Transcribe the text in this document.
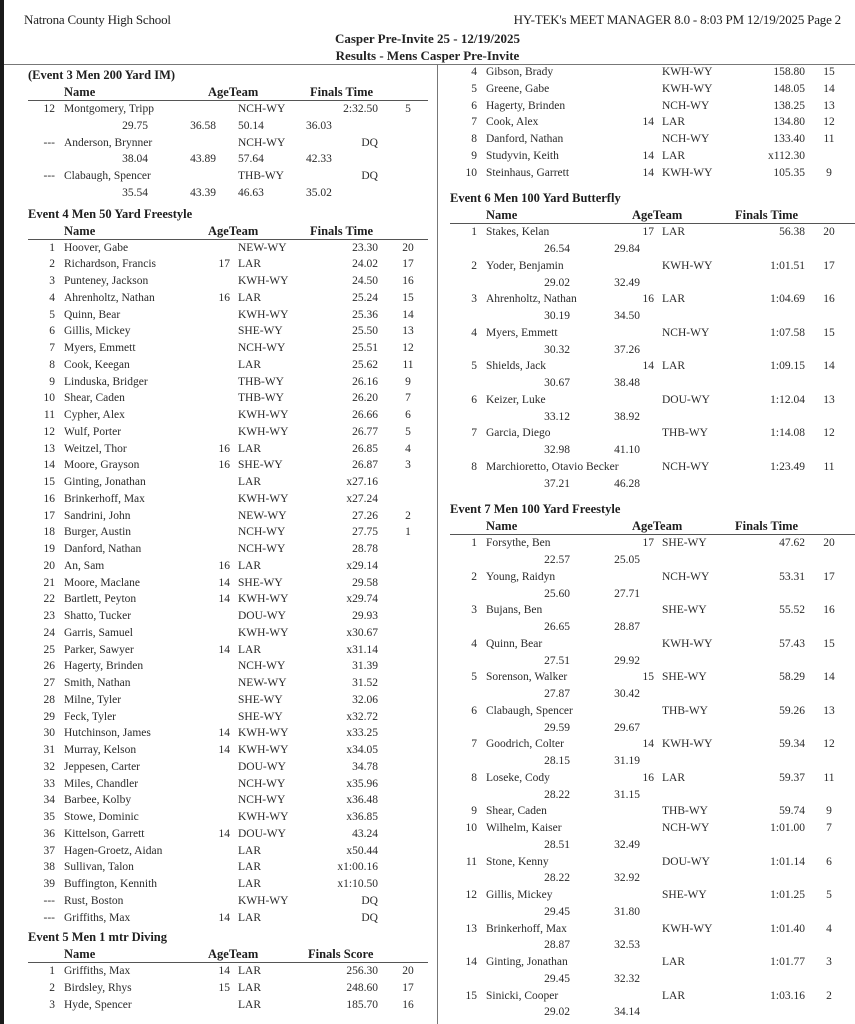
Natrona County High School	HY-TEK's MEET MANAGER 8.0 - 8:03 PM 12/19/2025 Page 2
Casper Pre-Invite 25 - 12/19/2025
Results - Mens Casper Pre-Invite
(Event 3 Men 200 Yard IM)
Name	AgeTeam	Finals Time
12 Montgomery, Tripp	NCH-WY	2:32.50	5
29.75	36.58 50.14	36.03
--- Anderson, Brynner	NCH-WY	DQ
38.04	43.89 57.64	42.33
--- Clabaugh, Spencer	THB-WY	DQ
35.54	43.39 46.63	35.02
Event 4 Men 50 Yard Freestyle
Name	AgeTeam	Finals Time
1 Hoover, Gabe	NEW-WY	23.30	20
2 Richardson, Francis	17 LAR	24.02	17
3 Punteney, Jackson	KWH-WY	24.50	16
4 Ahrenholtz, Nathan	16 LAR	25.24	15
5 Quinn, Bear	KWH-WY	25.36	14
6 Gillis, Mickey	SHE-WY	25.50	13
7 Myers, Emmett	NCH-WY	25.51	12
8 Cook, Keegan	LAR	25.62	11
9 Linduska, Bridger	THB-WY	26.16	9
10 Shear, Caden	THB-WY	26.20	7
11 Cypher, Alex	KWH-WY	26.66	6
12 Wulf, Porter	KWH-WY	26.77	5
13 Weitzel, Thor	16 LAR	26.85	4
14 Moore, Grayson	16 SHE-WY	26.87	3
15 Ginting, Jonathan	LAR	x27.16
16 Brinkerhoff, Max	KWH-WY	x27.24
17 Sandrini, John	NEW-WY	27.26	2
18 Burger, Austin	NCH-WY	27.75	1
19 Danford, Nathan	NCH-WY	28.78
20 An, Sam	16 LAR	x29.14
21 Moore, Maclane	14 SHE-WY	29.58
22 Bartlett, Peyton	14 KWH-WY	x29.74
23 Shatto, Tucker	DOU-WY	29.93
24 Garris, Samuel	KWH-WY	x30.67
25 Parker, Sawyer	14 LAR	x31.14
26 Hagerty, Brinden	NCH-WY	31.39
27 Smith, Nathan	NEW-WY	31.52
28 Milne, Tyler	SHE-WY	32.06
29 Feck, Tyler	SHE-WY	x32.72
30 Hutchinson, James	14 KWH-WY	x33.25
31 Murray, Kelson	14 KWH-WY	x34.05
32 Jeppesen, Carter	DOU-WY	34.78
33 Miles, Chandler	NCH-WY	x35.96
34 Barbee, Kolby	NCH-WY	x36.48
35 Stowe, Dominic	KWH-WY	x36.85
36 Kittelson, Garrett	14 DOU-WY	43.24
37 Hagen-Groetz, Aidan	LAR	x50.44
38 Sullivan, Talon	LAR	x1:00.16
39 Buffington, Kennith	LAR	x1:10.50
--- Rust, Boston	KWH-WY	DQ
--- Griffiths, Max	14 LAR	DQ
Event 5 Men 1 mtr Diving
Name	AgeTeam	Finals Score
1 Griffiths, Max	14 LAR	256.30	20
2 Birdsley, Rhys	15 LAR	248.60	17
3 Hyde, Spencer	LAR	185.70	16
4 Gibson, Brady	KWH-WY	158.80	15
5 Greene, Gabe	KWH-WY	148.05	14
6 Hagerty, Brinden	NCH-WY	138.25	13
7 Cook, Alex	14 LAR	134.80	12
8 Danford, Nathan	NCH-WY	133.40	11
9 Studyvin, Keith	14 LAR	x112.30
10 Steinhaus, Garrett	14 KWH-WY	105.35	9
Event 6 Men 100 Yard Butterfly
Name	AgeTeam	Finals Time
1 Stakes, Kelan	17 LAR	56.38	20
26.54	29.84
2 Yoder, Benjamin	KWH-WY	1:01.51	17
29.02	32.49
3 Ahrenholtz, Nathan	16 LAR	1:04.69	16
30.19	34.50
4 Myers, Emmett	NCH-WY	1:07.58	15
30.32	37.26
5 Shields, Jack	14 LAR	1:09.15	14
30.67	38.48
6 Keizer, Luke	DOU-WY	1:12.04	13
33.12	38.92
7 Garcia, Diego	THB-WY	1:14.08	12
32.98	41.10
8 Marchioretto, Otavio Becker	NCH-WY	1:23.49	11
37.21	46.28
Event 7 Men 100 Yard Freestyle
Name	AgeTeam	Finals Time
1 Forsythe, Ben	17 SHE-WY	47.62	20
22.57	25.05
2 Young, Raidyn	NCH-WY	53.31	17
25.60	27.71
3 Bujans, Ben	SHE-WY	55.52	16
26.65	28.87
4 Quinn, Bear	KWH-WY	57.43	15
27.51	29.92
5 Sorenson, Walker	15 SHE-WY	58.29	14
27.87	30.42
6 Clabaugh, Spencer	THB-WY	59.26	13
29.59	29.67
7 Goodrich, Colter	14 KWH-WY	59.34	12
28.15	31.19
8 Loseke, Cody	16 LAR	59.37	11
28.22	31.15
9 Shear, Caden	THB-WY	59.74	9
10 Wilhelm, Kaiser	NCH-WY	1:01.00	7
28.51	32.49
11 Stone, Kenny	DOU-WY	1:01.14	6
28.22	32.92
12 Gillis, Mickey	SHE-WY	1:01.25	5
29.45	31.80
13 Brinkerhoff, Max	KWH-WY	1:01.40	4
28.87	32.53
14 Ginting, Jonathan	LAR	1:01.77	3
29.45	32.32
15 Sinicki, Cooper	LAR	1:03.16	2
29.02	34.14
